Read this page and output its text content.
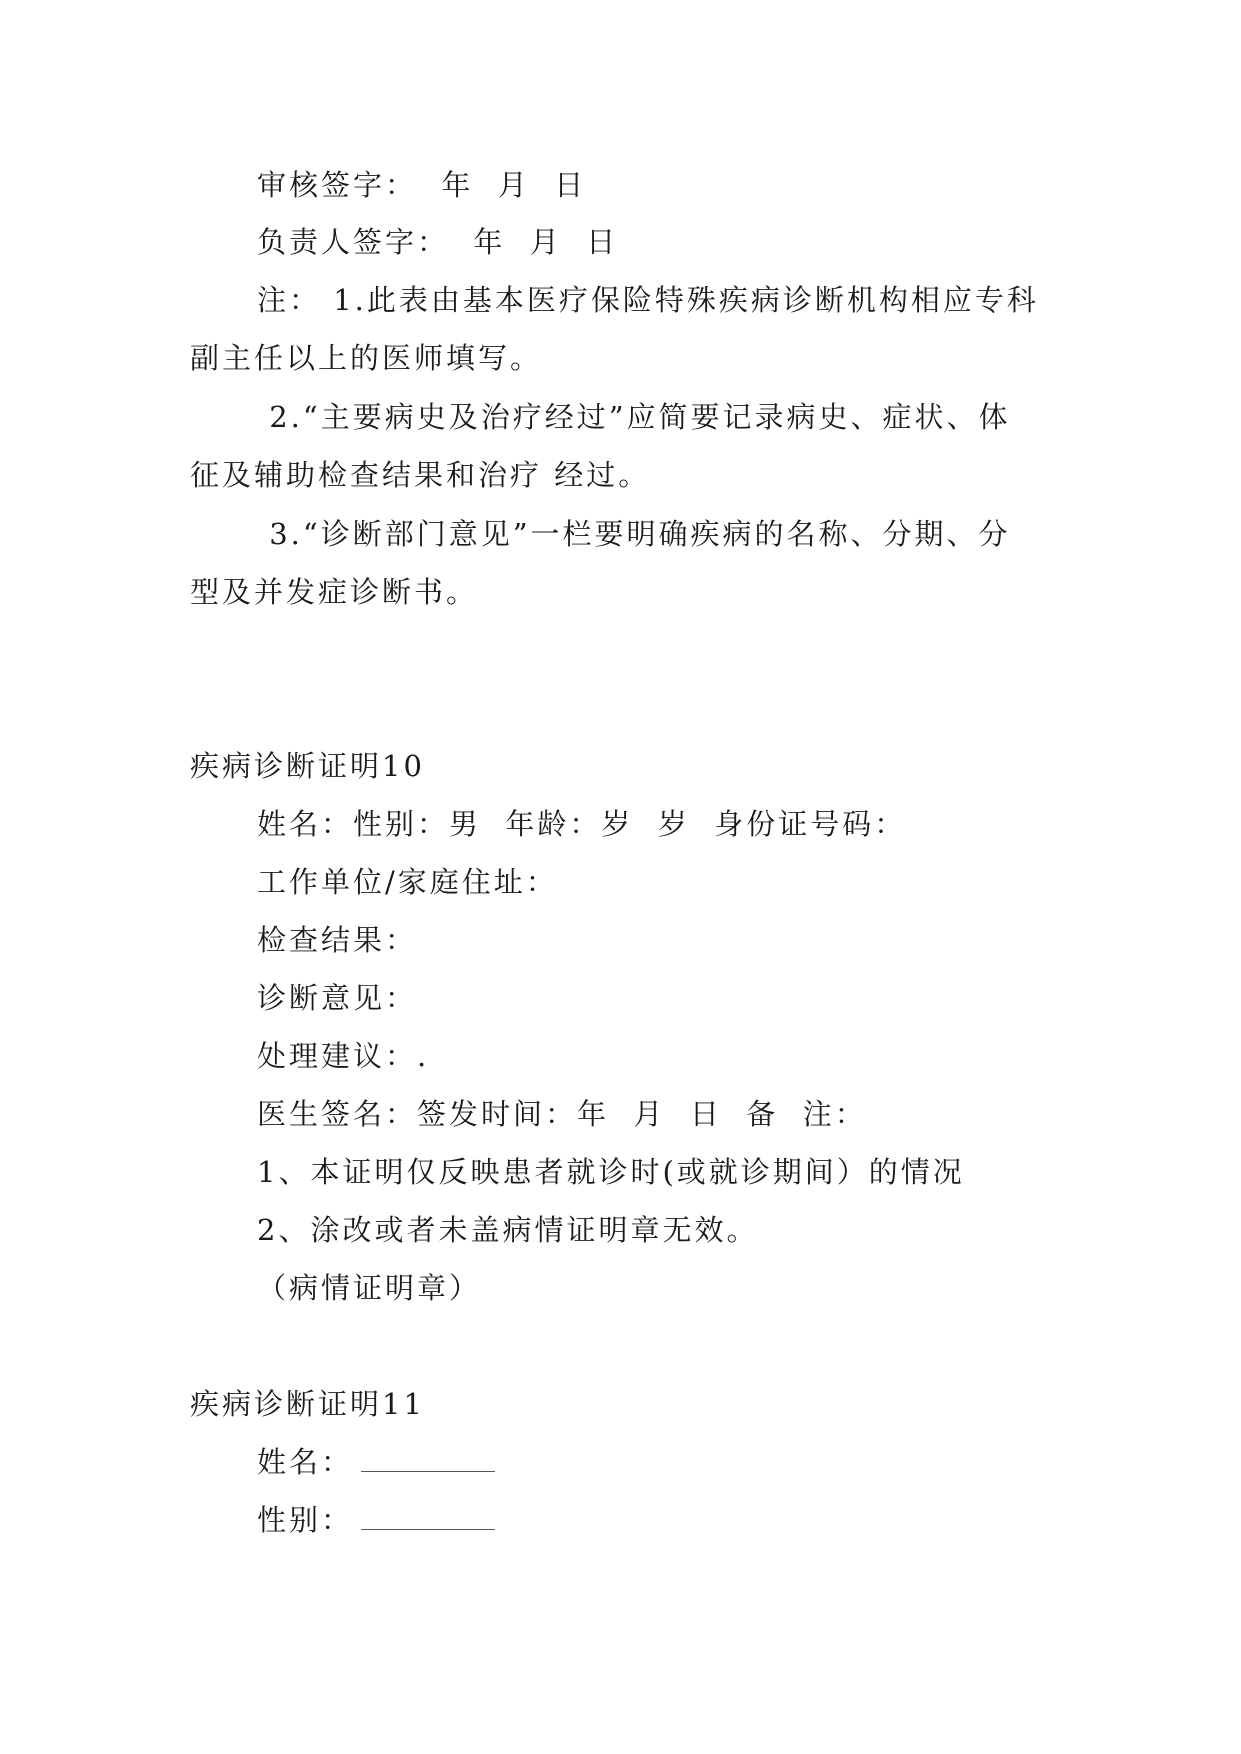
审核签字：  年  月  日
负责人签字：  年  月  日
注： 1.此表由基本医疗保险特殊疾病诊断机构相应专科
副主任以上的医师填写。
2.“主要病史及治疗经过”应简要记录病史、症状、体
征及辅助检查结果和治疗 经过。
3.“诊断部门意见”一栏要明确疾病的名称、分期、分
型及并发症诊断书。
疾病诊断证明10
姓名：性别：男  年龄：岁  岁  身份证号码：
工作单位/家庭住址：
检查结果：
诊断意见：
处理建议：.
医生签名：签发时间：年  月  日  备  注：
1、本证明仅反映患者就诊时(或就诊期间）的情况
2、涂改或者未盖病情证明章无效。
（病情证明章）
疾病诊断证明11
姓名：
性别：
